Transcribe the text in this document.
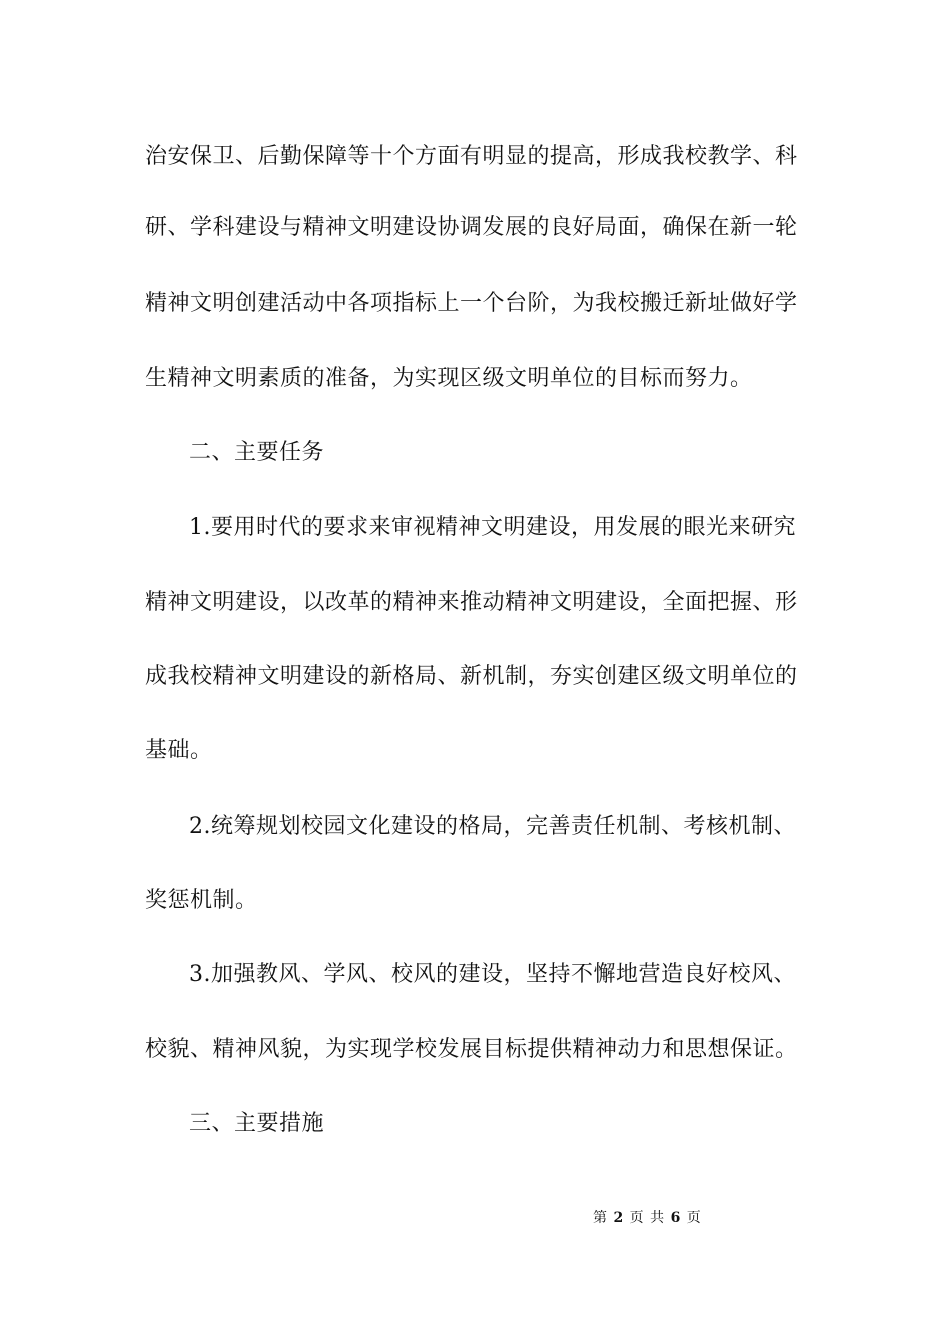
治安保卫、后勤保障等十个方面有明显的提高，形成我校教学、科
研、学科建设与精神文明建设协调发展的良好局面，确保在新一轮
精神文明创建活动中各项指标上一个台阶，为我校搬迁新址做好学
生精神文明素质的准备，为实现区级文明单位的目标而努力。
二、主要任务
1.要用时代的要求来审视精神文明建设，用发展的眼光来研究
精神文明建设，以改革的精神来推动精神文明建设，全面把握、形
成我校精神文明建设的新格局、新机制，夯实创建区级文明单位的
基础。
2.统筹规划校园文化建设的格局，完善责任机制、考核机制、
奖惩机制。
3.加强教风、学风、校风的建设，坚持不懈地营造良好校风、
校貌、精神风貌，为实现学校发展目标提供精神动力和思想保证。
三、主要措施
第 2 页 共 6 页
